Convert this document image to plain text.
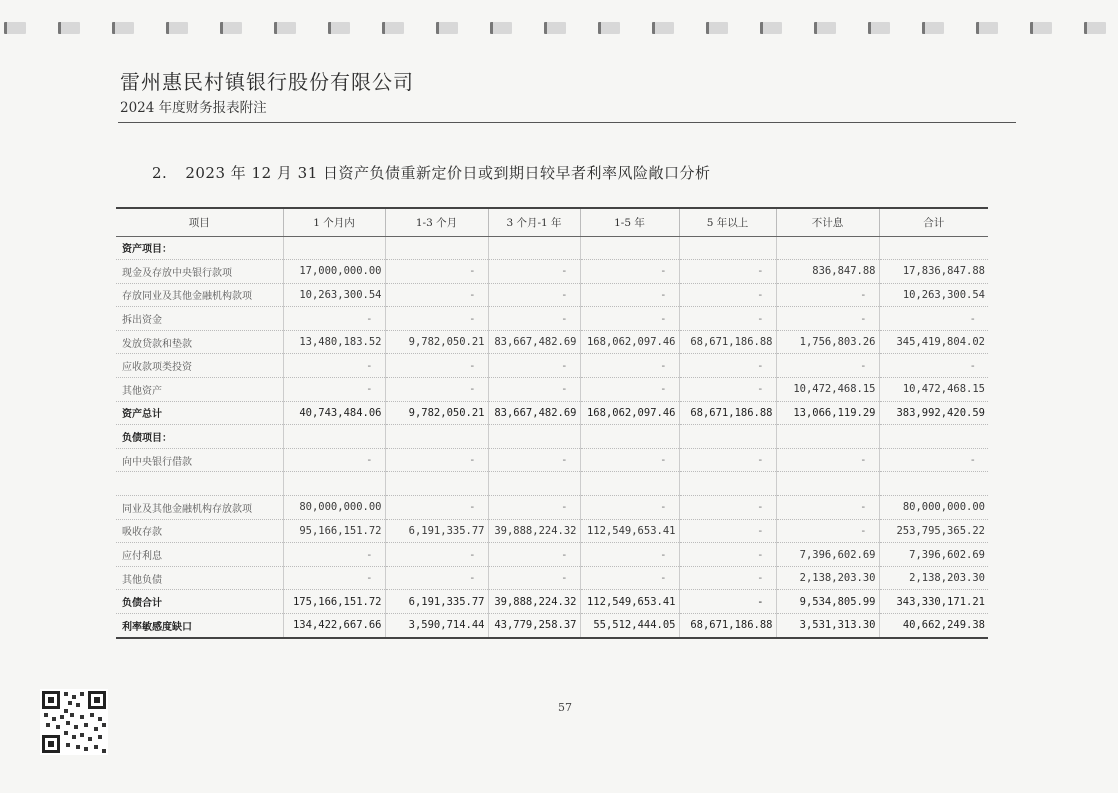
雷州惠民村镇银行股份有限公司
2024 年度财务报表附注
2. 2023 年 12 月 31 日资产负债重新定价日或到期日较早者利率风险敞口分析
项目	1 个月内	1-3 个月	3 个月-1 年	1-5 年	5 年以上	不计息	合计
资产项目：							
现金及存放中央银行款项	17,000,000.00	-	-	-	-	836,847.88	17,836,847.88
存放同业及其他金融机构款项	10,263,300.54	-	-	-	-	-	10,263,300.54
拆出资金	-	-	-	-	-	-	-
发放贷款和垫款	13,480,183.52	9,782,050.21	83,667,482.69	168,062,097.46	68,671,186.88	1,756,803.26	345,419,804.02
应收款项类投资	-	-	-	-	-	-	-
其他资产	-	-	-	-	-	10,472,468.15	10,472,468.15
资产总计	40,743,484.06	9,782,050.21	83,667,482.69	168,062,097.46	68,671,186.88	13,066,119.29	383,992,420.59
负债项目：							
向中央银行借款	-	-	-	-	-	-	-

同业及其他金融机构存放款项	80,000,000.00	-	-	-	-	-	80,000,000.00
吸收存款	95,166,151.72	6,191,335.77	39,888,224.32	112,549,653.41	-	-	253,795,365.22
应付利息	-	-	-	-	-	7,396,602.69	7,396,602.69
其他负债	-	-	-	-	-	2,138,203.30	2,138,203.30
负债合计	175,166,151.72	6,191,335.77	39,888,224.32	112,549,653.41	-	9,534,805.99	343,330,171.21
利率敏感度缺口	134,422,667.66	3,590,714.44	43,779,258.37	55,512,444.05	68,671,186.88	3,531,313.30	40,662,249.38
57
